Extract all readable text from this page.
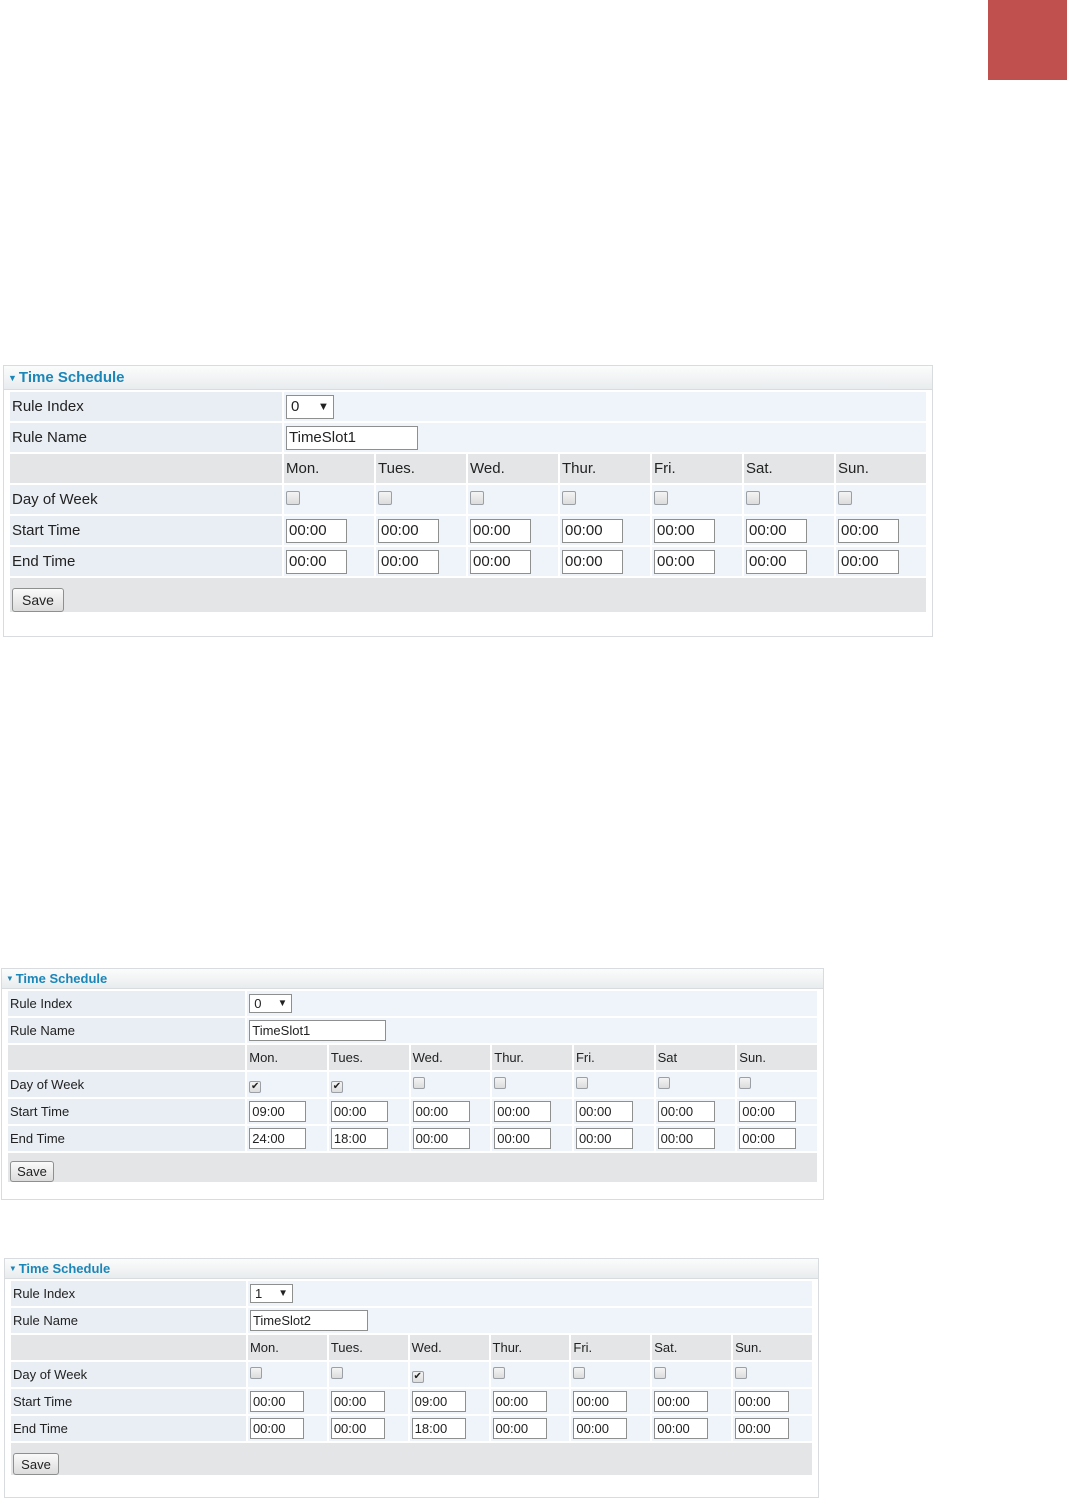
▼ Time Schedule
Rule Index	0 ▼						

Rule Name	TimeSlot1
	Mon.	Tues.	Wed.	Thur.	Fri.	Sat.	Sun.
Day of Week							
Start Time	00:00	00:00	00:00	00:00	00:00	00:00	00:00
End Time	00:00	00:00	00:00	00:00	00:00	00:00	00:00
Save							
▼ Time Schedule
Rule Index	0 ▼						

Rule Name	TimeSlot1
	Mon.	Tues.	Wed.	Thur.	Fri.	Sat	Sun.
Day of Week	✔	✔					
Start Time	09:00	00:00	00:00	00:00	00:00	00:00	00:00
End Time	24:00	18:00	00:00	00:00	00:00	00:00	00:00
Save							
▼ Time Schedule
Rule Index	1 ▼						

Rule Name	TimeSlot2
	Mon.	Tues.	Wed.	Thur.	Fri.	Sat.	Sun.
Day of Week			✔				
Start Time	00:00	00:00	09:00	00:00	00:00	00:00	00:00
End Time	00:00	00:00	18:00	00:00	00:00	00:00	00:00
Save							
